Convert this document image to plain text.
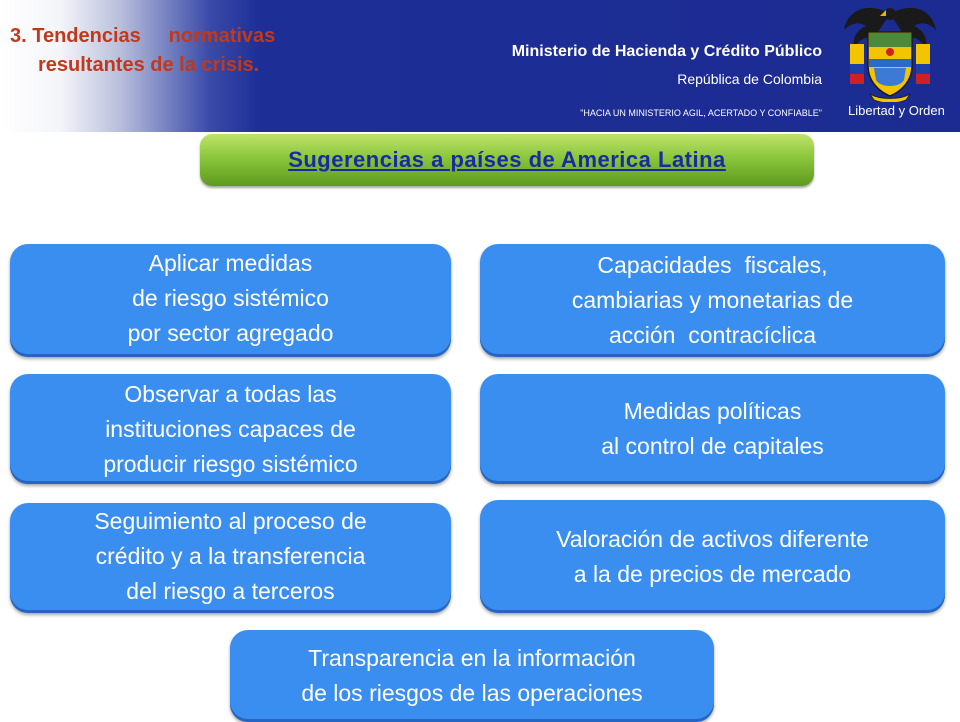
3. Tendencias     normativas
resultantes de la crisis.
Ministerio de Hacienda y Crédito Público
República de Colombia
"HACIA UN MINISTERIO AGIL, ACERTADO Y CONFIABLE" Libertad y Orden
Sugerencias a países de America Latina
Aplicar medidas
de riesgo sistémico
por sector agregado
Capacidades  fiscales,
cambiarias y monetarias de
acción  contracíclica
Observar a todas las
instituciones capaces de
producir riesgo sistémico
Medidas políticas
al control de capitales
Seguimiento al proceso de
crédito y a la transferencia
del riesgo a terceros
Valoración de activos diferente
a la de precios de mercado
Transparencia en la información
de los riesgos de las operaciones
